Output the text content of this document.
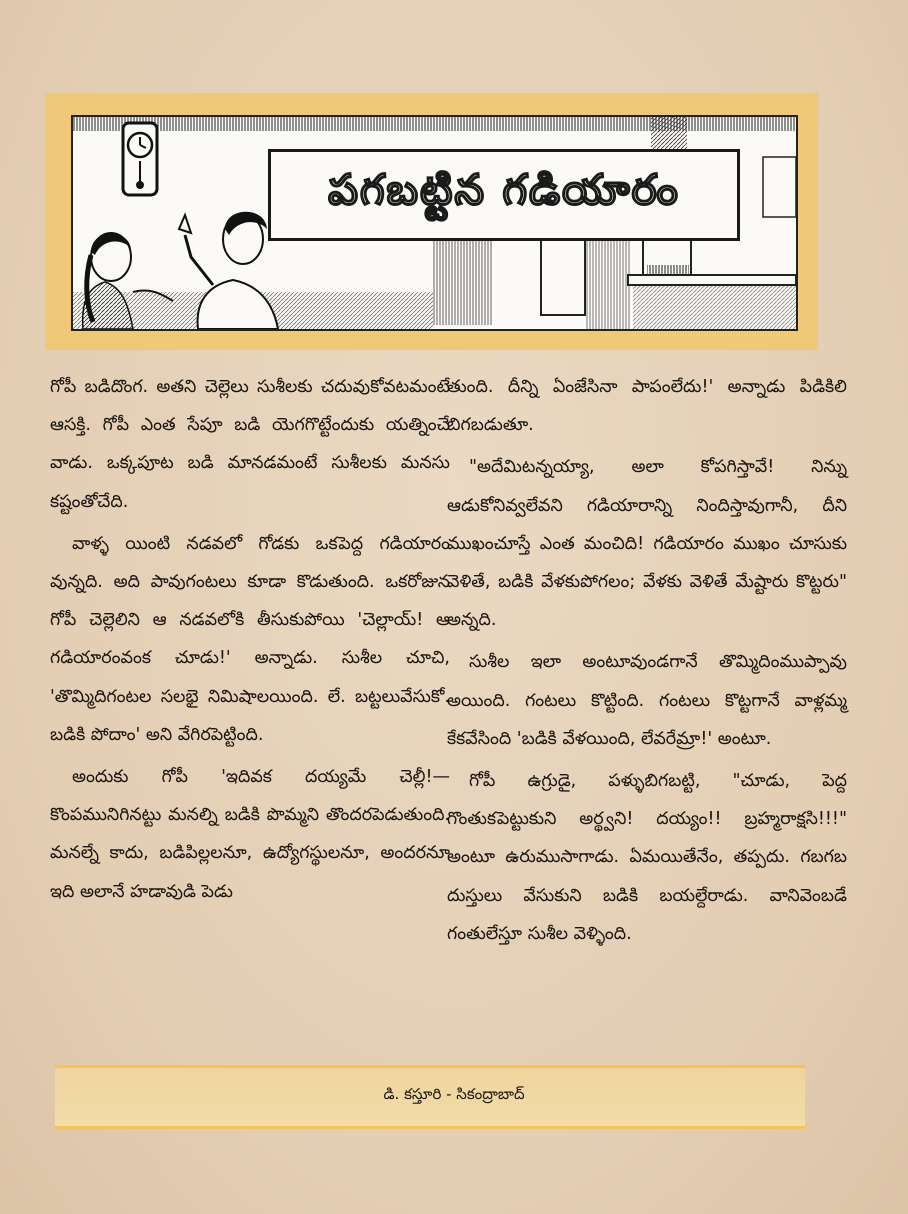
పగబట్టిన గడియారం

గోపీ బడిదొంగ. అతని చెల్లెలు సుశీలకు చదువుకోవటమంటే ఆసక్తి. గోపీ ఎంత సేపూ బడి యెగగొట్టేందుకు యత్నించే వాడు. ఒక్కపూట బడి మానడమంటే సుశీలకు మనసు కష్టంతోచేది.

వాళ్ళ యింటి నడవలో గోడకు ఒకపెద్ద గడియారం వున్నది. అది పావుగంటలు కూడా కొడుతుంది. ఒకరోజున గోపీ చెల్లెలిని ఆ నడవలోకి తీసుకుపోయి 'చెల్లాయ్! ఆ గడియారంవంక చూడు!' అన్నాడు. సుశీల చూచి, 'తొమ్మిదిగంటల సలభై నిమిషాలయింది. లే. బట్టలువేసుకో. బడికి పోదాం' అని వేగిరపెట్టింది.

అందుకు గోపీ 'ఇదివక దయ్యమే చెల్లీ!—కొంపమునిగినట్టు మనల్ని బడికి పొమ్మని తొందరపెడుతుంది. మనల్నే కాదు, బడిపిల్లలనూ, ఉద్యోగస్థులనూ, అందరనూ ఇది అలానే హడావుడి పెడు

తుంది. దీన్ని ఏంజేసినా పాపంలేదు!' అన్నాడు పిడికిలి బిగబడుతూ.

"అదేమిటన్నయ్యా, అలా కోపగిస్తావే! నిన్ను ఆడుకోనివ్వలేవని గడియారాన్ని నిందిస్తావుగానీ, దీని ముఖంచూస్తే ఎంత మంచిది! గడియారం ముఖం చూసుకు వెళితే, బడికి వేళకుపోగలం; వేళకు వెళితే మేష్టారు కొట్టరు" అన్నది.

సుశీల ఇలా అంటూవుండగానే తొమ్మిదింముప్పావు అయింది. గంటలు కొట్టింది. గంటలు కొట్టగానే వాళ్లమ్మ కేకవేసింది 'బడికి వేళయింది, లేవరేమ్రా!' అంటూ.

గోపీ ఉగ్రుడై, పళ్ళుబిగబట్టి, "చూడు, పెద్ద గొంతుకపెట్టుకుని అర్థ్వని! దయ్యం!! బ్రహ్మరాక్షసి!!!" అంటూ ఉరుముసాగాడు. ఏమయితేనేం, తప్పదు. గబగబ దుస్తులు వేసుకుని బడికి బయల్దేరాడు. వానివెంబడే గంతులేస్తూ సుశీల వెళ్ళింది.

డి. కస్తూరి - సికంద్రాబాద్
